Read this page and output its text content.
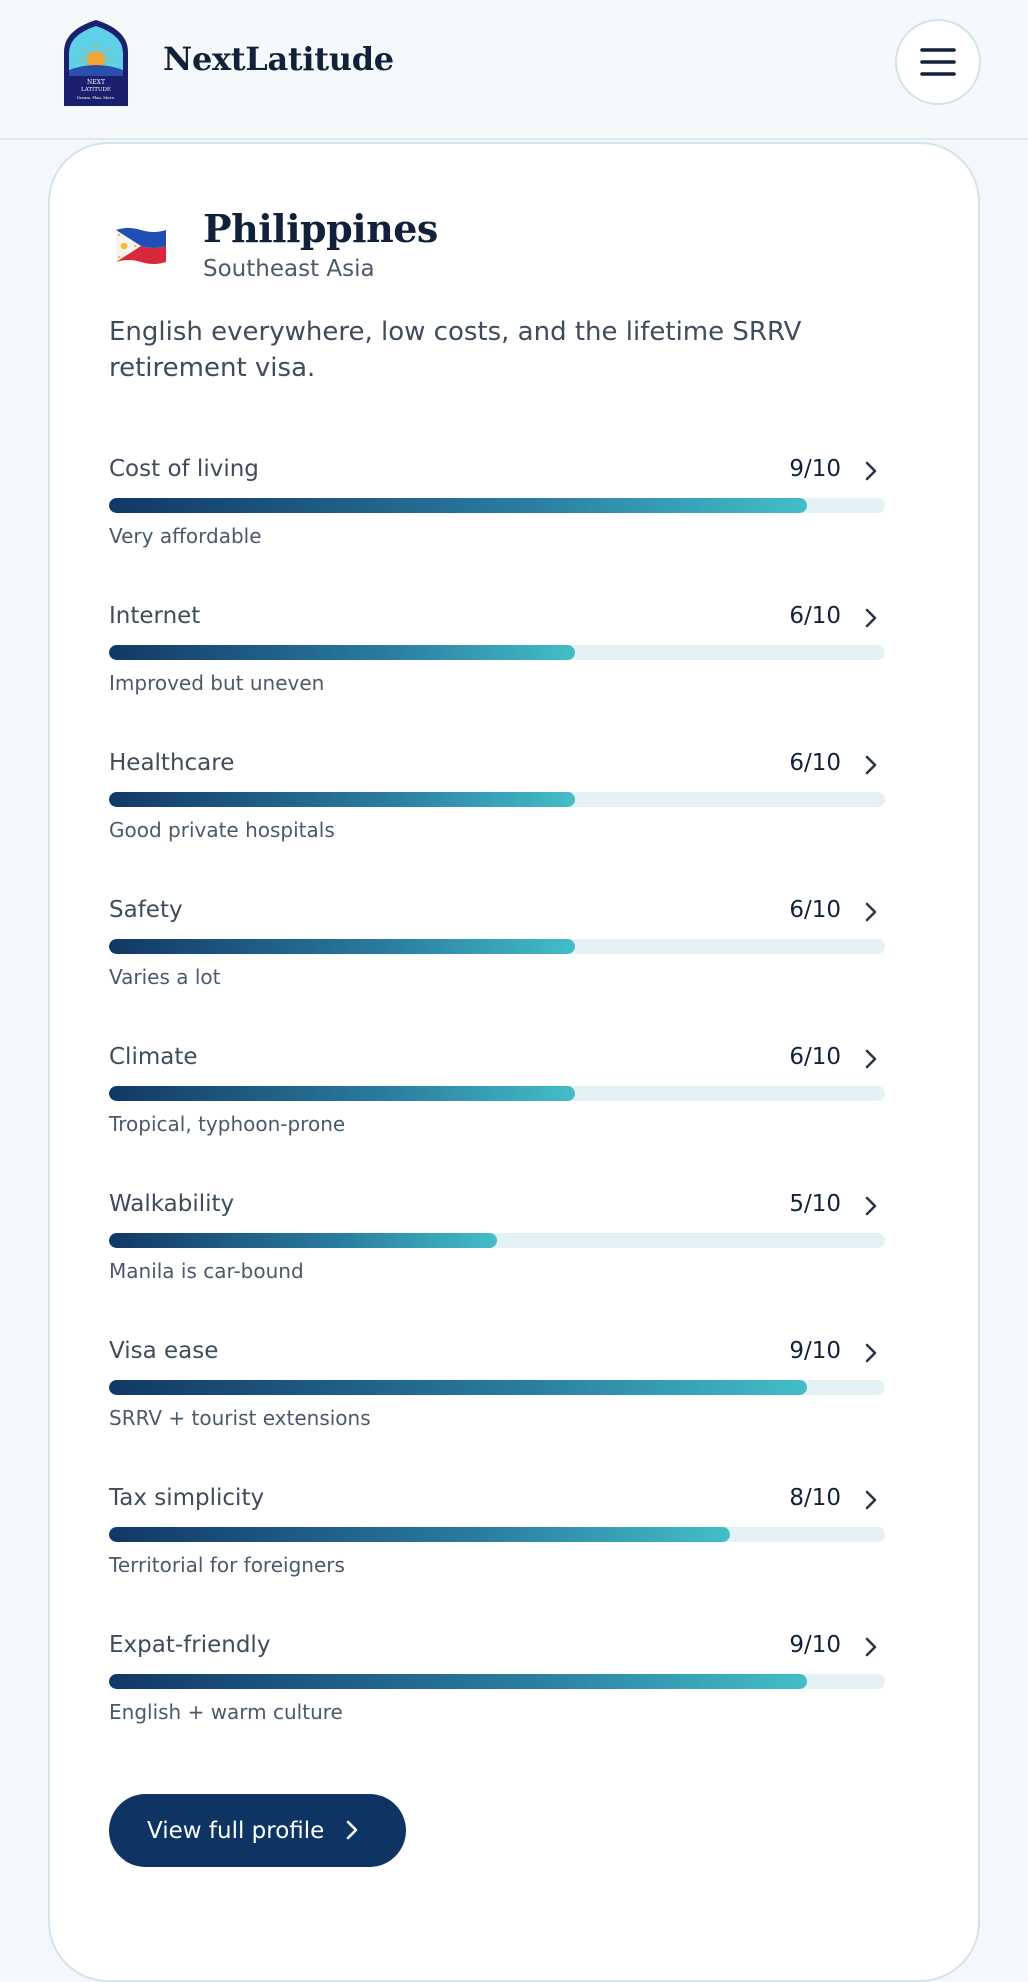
NEXT
LATITUDE
Dream. Plan. Move.
NextLatitude
Philippines
Southeast Asia
English everywhere, low costs, and the lifetime SRRV retirement visa.
Cost of living	9/10
Very affordable
Internet	6/10
Improved but uneven
Healthcare	6/10
Good private hospitals
Safety	6/10
Varies a lot
Climate	6/10
Tropical, typhoon-prone
Walkability	5/10
Manila is car-bound
Visa ease	9/10
SRRV + tourist extensions
Tax simplicity	8/10
Territorial for foreigners
Expat-friendly	9/10
English + warm culture
View full profile
